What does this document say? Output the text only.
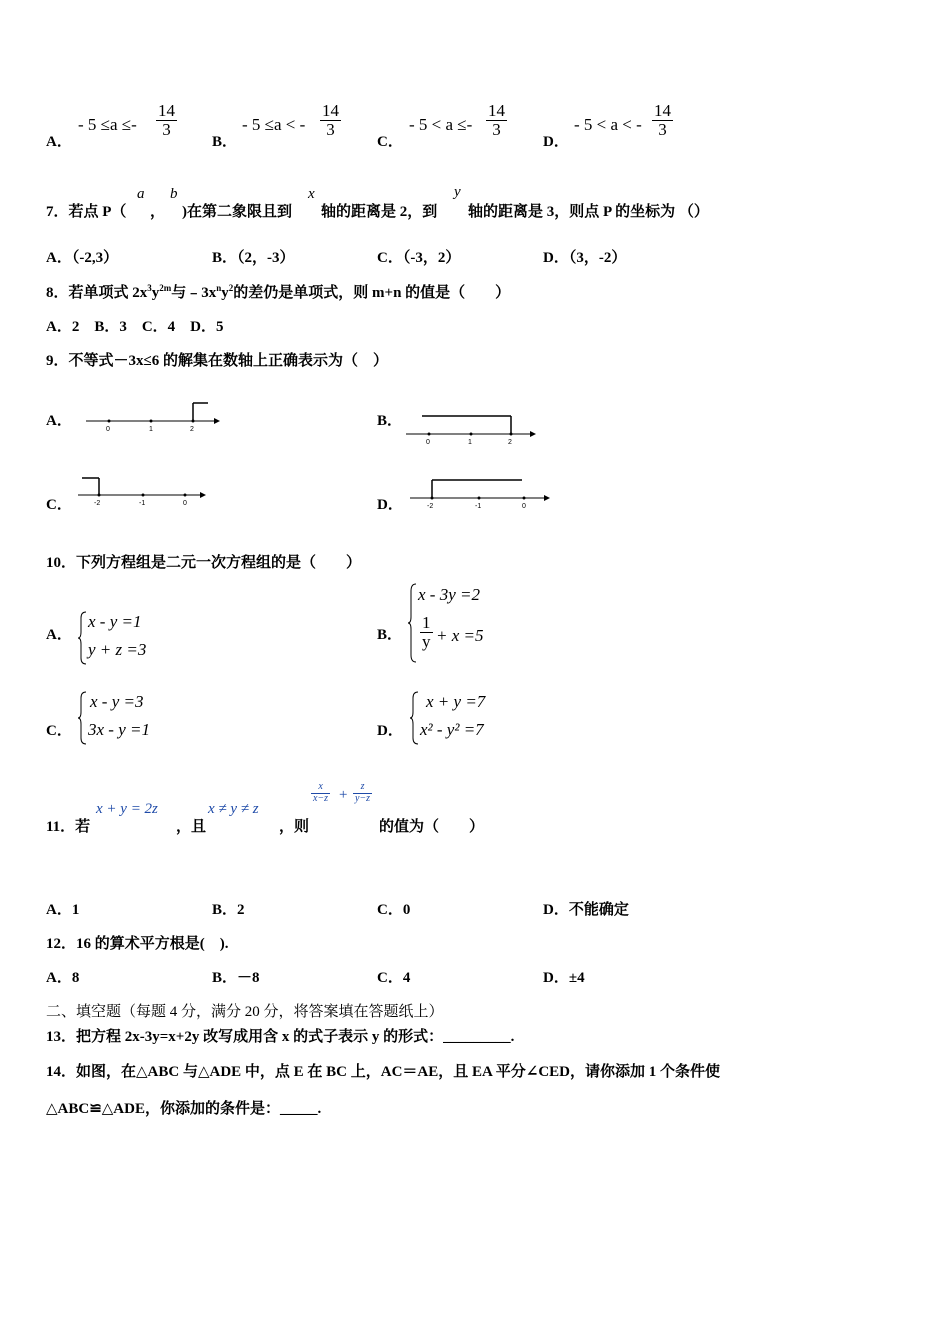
A．
- $5 \le a \le- \frac{14}{3}$
B．
- 5 ≤a < - $\frac{14}{3}$
C．
- $5 < a \le- \frac{14}{3}$
D．
- 5 < a < - $\frac{14}{3}$
7．若点 P（
a
，
b
)在第二象限且到
x
轴的距离是 2，到
y
轴的距离是 3，则点 P 的坐标为 （）
A．（-2,3）	B．（2，-3）	C．（-3，2）	D．（3，-2）
8．若单项式 $2x^3y^{2m}$与$﹣3x^ny^2$的差仍是单项式，则 m+n 的值是（　　）
A．2　B．3　C．4　D．5
9．不等式－3x≤6 的解集在数轴上正确表示为（　）
A．
0	1	2
B．
0	1	2
C．	-2	-1	0	D．	-2	-1	0
10．下列方程组是二元一次方程组的是（　　）
A．
x - y =1
y + z =3
B．
x - 3y =2
$\frac{1}{y} + x =5$
C．
x - y =3
3x - y =1	D．
x + y =7
x² - y² =7
11．若
x + y = 2z
，且
x ≠ y ≠ z
，则
$\frac{x}{x-z} + \frac{z}{y-z}$
的值为（　　）
A．1	B．2	C．0	D．不能确定
12．16 的算术平方根是(　).
A．8	B．－8	C．4	D．±4
二、填空题（每题 4 分，满分 20 分，将答案填在答题纸上）
13．把方程 2x-3y=x+2y 改写成用含 x 的式子表示 y 的形式：_________.
14．如图，在△ABC 与△ADE 中，点 E 在 BC 上，AC＝AE，且 EA 平分∠CED，请你添加 1 个条件使
△ABC≌△ADE，你添加的条件是：_____.
